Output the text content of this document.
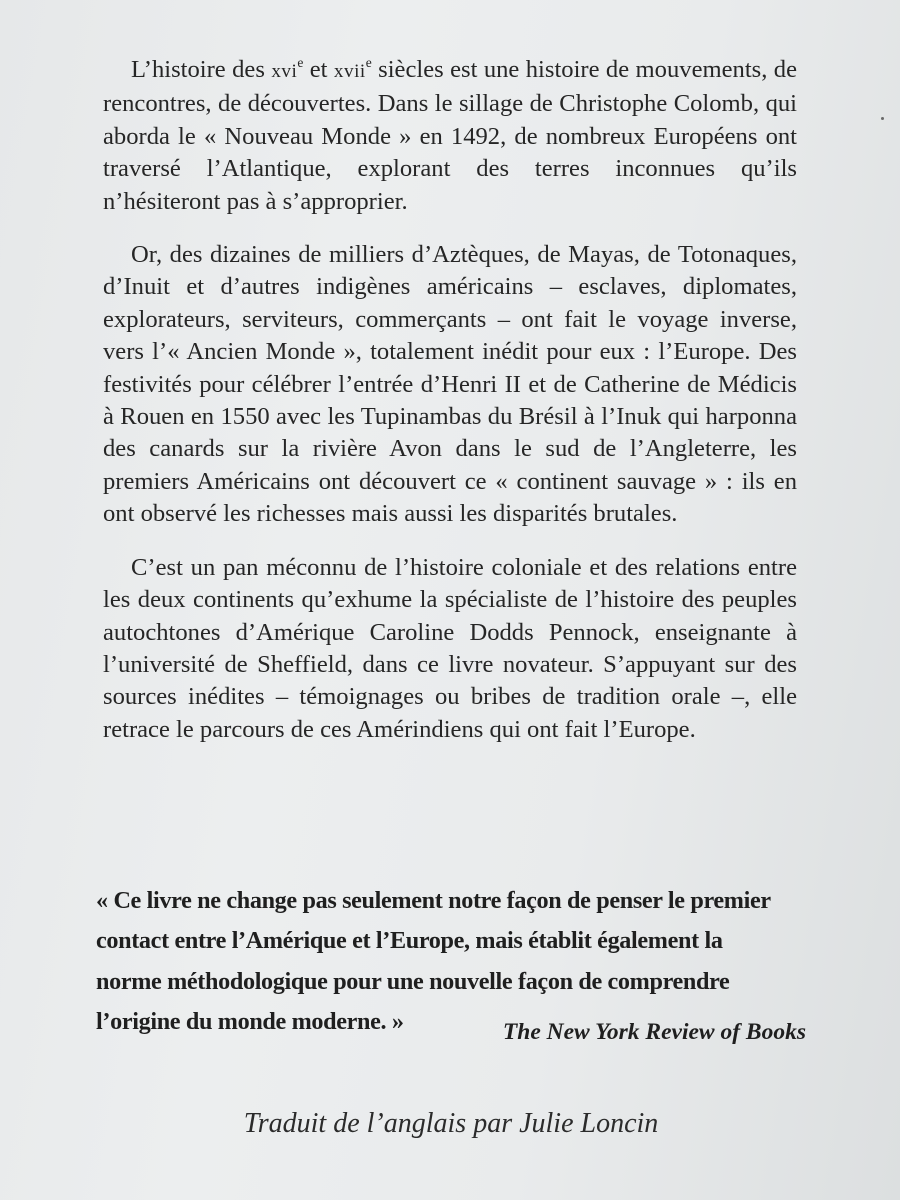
L’histoire des xvi$^e$ et xvii$^e$ siècles est une histoire de mouvements, de rencontres, de découvertes. Dans le sillage de Christophe Colomb, qui aborda le « Nouveau Monde » en 1492, de nombreux Européens ont traversé l’Atlantique, explorant des terres inconnues qu’ils n’hésiteront pas à s’approprier.

Or, des dizaines de milliers d’Aztèques, de Mayas, de Totonaques, d’Inuit et d’autres indigènes américains – esclaves, diplomates, explorateurs, serviteurs, commerçants – ont fait le voyage inverse, vers l’« Ancien Monde », totalement inédit pour eux : l’Europe. Des festivités pour célébrer l’entrée d’Henri II et de Catherine de Médicis à Rouen en 1550 avec les Tupinambas du Brésil à l’Inuk qui harponna des canards sur la rivière Avon dans le sud de l’Angleterre, les premiers Américains ont découvert ce « continent sauvage » : ils en ont observé les richesses mais aussi les disparités brutales.

C’est un pan méconnu de l’histoire coloniale et des relations entre les deux continents qu’exhume la spécialiste de l’histoire des peuples autochtones d’Amérique Caroline Dodds Pennock, enseignante à l’université de Sheffield, dans ce livre novateur. S’appuyant sur des sources inédites – témoignages ou bribes de tradition orale –, elle retrace le parcours de ces Amérindiens qui ont fait l’Europe.

« Ce livre ne change pas seulement notre façon de penser le premier
contact entre l’Amérique et l’Europe, mais établit également la
norme méthodologique pour une nouvelle façon de comprendre
l’origine du monde moderne. »	The New York Review of Books
Traduit de l’anglais par Julie Loncin
